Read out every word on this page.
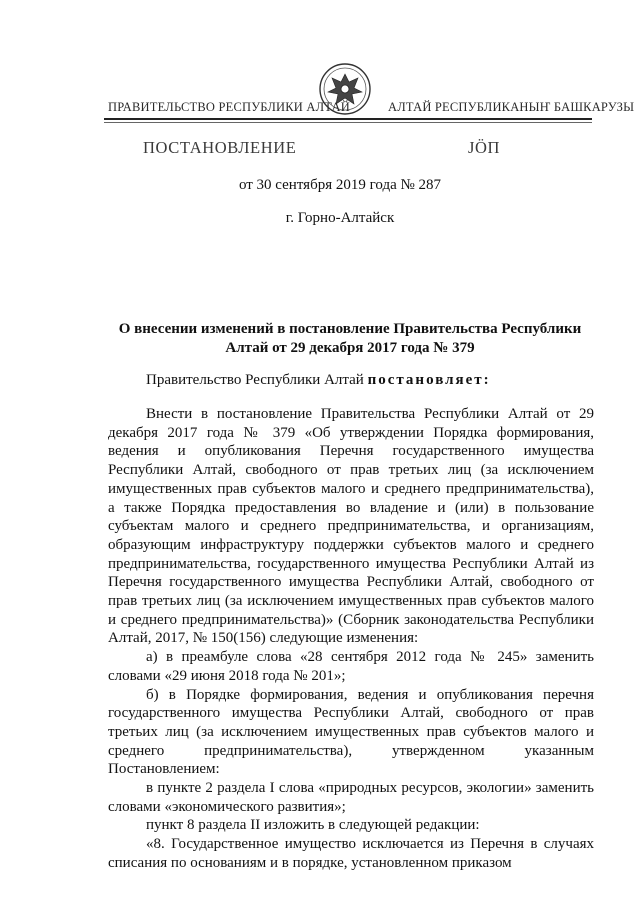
ПРАВИТЕЛЬСТВО РЕСПУБЛИКИ АЛТАЙ	АЛТАЙ РЕСПУБЛИКАНЫҤ БАШКАРУЗЫ
ПОСТАНОВЛЕНИЕ	JÖП
от 30 сентября 2019 года № 287
г. Горно-Алтайск
О внесении изменений в постановление Правительства Республики Алтай от 29 декабря 2017 года № 379
Правительство Республики Алтай постановляет:

Внести в постановление Правительства Республики Алтай от 29 декабря 2017 года № 379 «Об утверждении Порядка формирования, ведения и опубликования Перечня государственного имущества Республики Алтай, свободного от прав третьих лиц (за исключением имущественных прав субъектов малого и среднего предпринимательства), а также Порядка предоставления во владение и (или) в пользование субъектам малого и среднего предпринимательства, и организациям, образующим инфраструктуру поддержки субъектов малого и среднего предпринимательства, государственного имущества Республики Алтай из Перечня государственного имущества Республики Алтай, свободного от прав третьих лиц (за исключением имущественных прав субъектов малого и среднего предпринимательства)» (Сборник законодательства Республики Алтай, 2017, № 150(156) следующие изменения:

а) в преамбуле слова «28 сентября 2012 года № 245» заменить словами «29 июня 2018 года № 201»;

б) в Порядке формирования, ведения и опубликования перечня государственного имущества Республики Алтай, свободного от прав третьих лиц (за исключением имущественных прав субъектов малого и среднего предпринимательства), утвержденном указанным Постановлением:

в пункте 2 раздела I слова «природных ресурсов, экологии» заменить словами «экономического развития»;

пункт 8 раздела II изложить в следующей редакции:

«8. Государственное имущество исключается из Перечня в случаях списания по основаниям и в порядке, установленном приказом
